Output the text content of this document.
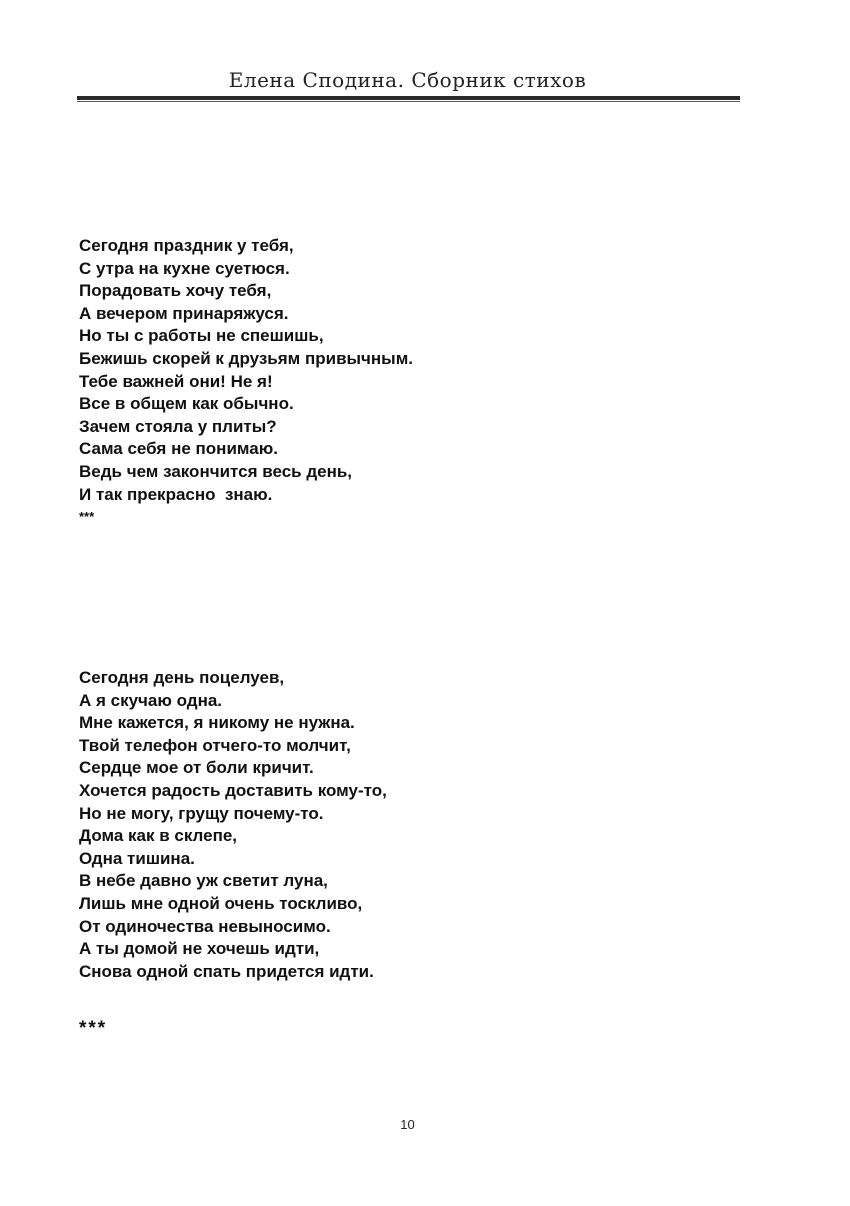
Елена Сподина. Сборник стихов
Сегодня праздник у тебя,
С утра на кухне суетюся.
Порадовать хочу тебя,
А вечером принаряжуся.
Но ты с работы не спешишь,
Бежишь скорей к друзьям привычным.
Тебе важней они! Не я!
Все в общем как обычно.
Зачем стояла у плиты?
Сама себя не понимаю.
Ведь чем закончится весь день,
И так прекрасно  знаю.
***
Сегодня день поцелуев,
А я скучаю одна.
Мне кажется, я никому не нужна.
Твой телефон отчего-то молчит,
Сердце мое от боли кричит.
Хочется радость доставить кому-то,
Но не могу, грущу почему-то.
Дома как в склепе,
Одна тишина.
В небе давно уж светит луна,
Лишь мне одной очень тоскливо,
От одиночества невыносимо.
А ты домой не хочешь идти,
Снова одной спать придется идти.
***
10
